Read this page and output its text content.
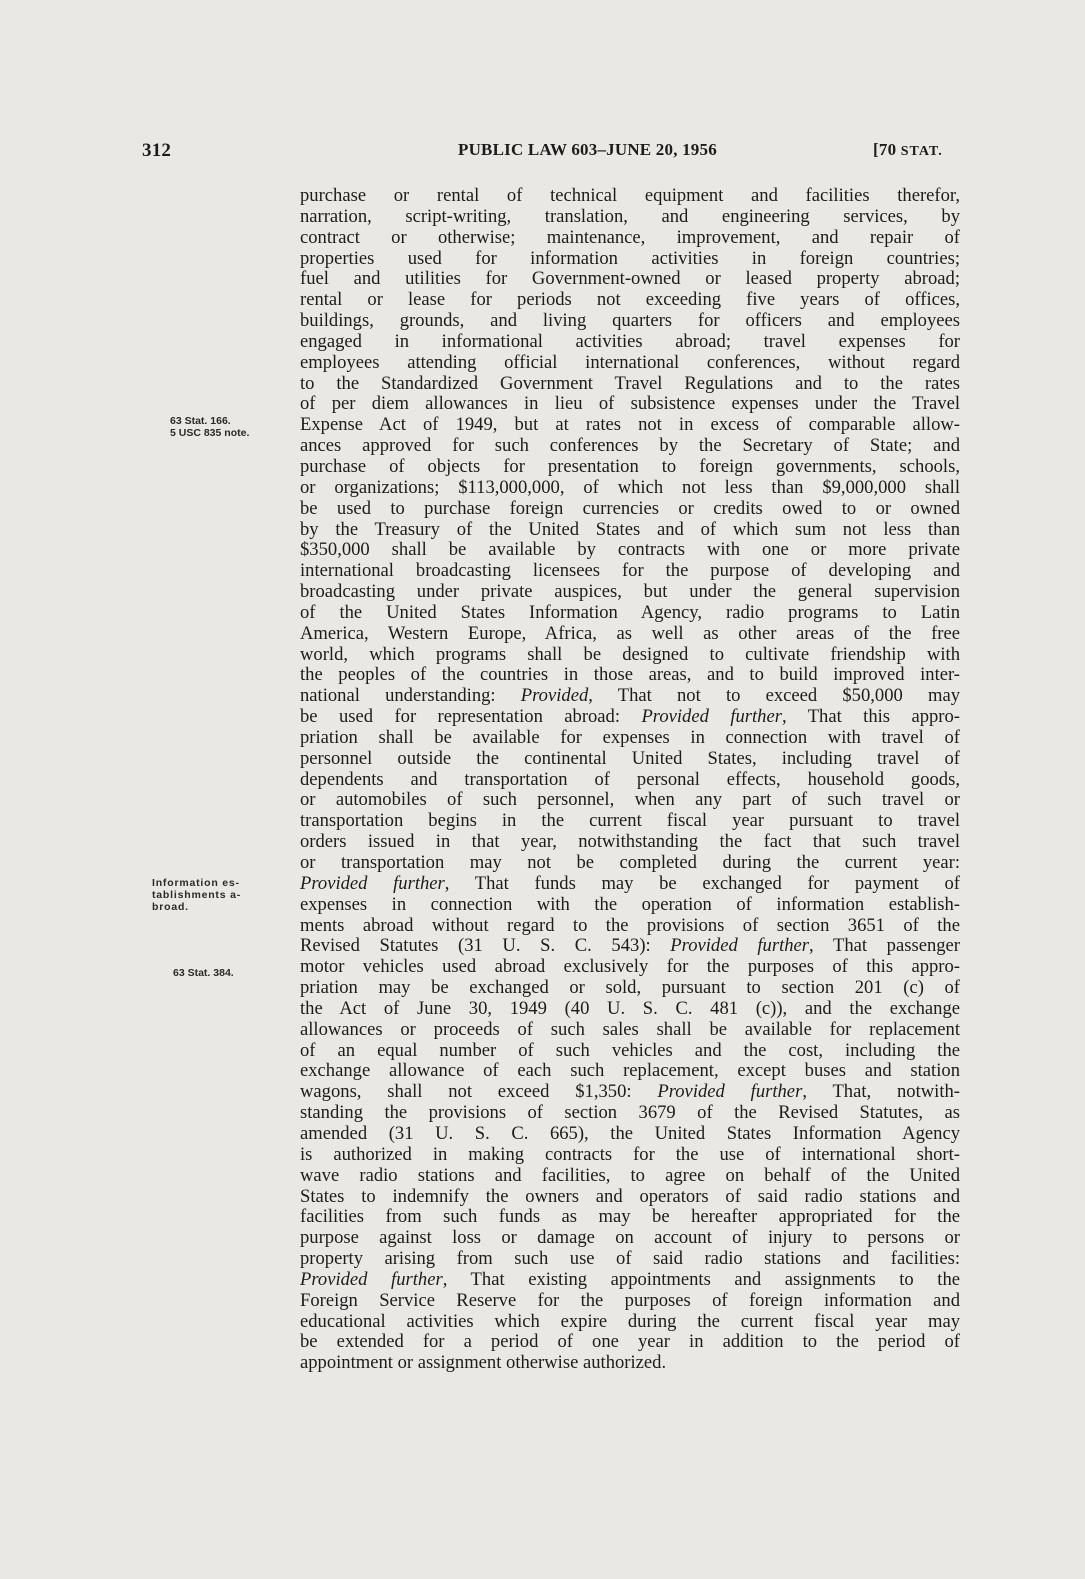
312	PUBLIC LAW 603–JUNE 20, 1956	[70 STAT.
63 Stat. 166.
5 USC 835 note.
Information es-
tablishments a-
broad.
63 Stat. 384.
purchase or rental of technical equipment and facilities therefor,
narration, script-writing, translation, and engineering services, by
contract or otherwise; maintenance, improvement, and repair of
properties used for information activities in foreign countries;
fuel and utilities for Government-owned or leased property abroad;
rental or lease for periods not exceeding five years of offices,
buildings, grounds, and living quarters for officers and employees
engaged in informational activities abroad; travel expenses for
employees attending official international conferences, without regard
to the Standardized Government Travel Regulations and to the rates
of per diem allowances in lieu of subsistence expenses under the Travel
Expense Act of 1949, but at rates not in excess of comparable allow-
ances approved for such conferences by the Secretary of State; and
purchase of objects for presentation to foreign governments, schools,
or organizations; $113,000,000, of which not less than $9,000,000 shall
be used to purchase foreign currencies or credits owed to or owned
by the Treasury of the United States and of which sum not less than
$350,000 shall be available by contracts with one or more private
international broadcasting licensees for the purpose of developing and
broadcasting under private auspices, but under the general supervision
of the United States Information Agency, radio programs to Latin
America, Western Europe, Africa, as well as other areas of the free
world, which programs shall be designed to cultivate friendship with
the peoples of the countries in those areas, and to build improved inter-
national understanding: Provided, That not to exceed $50,000 may
be used for representation abroad: Provided further, That this appro-
priation shall be available for expenses in connection with travel of
personnel outside the continental United States, including travel of
dependents and transportation of personal effects, household goods,
or automobiles of such personnel, when any part of such travel or
transportation begins in the current fiscal year pursuant to travel
orders issued in that year, notwithstanding the fact that such travel
or transportation may not be completed during the current year:
Provided further, That funds may be exchanged for payment of
expenses in connection with the operation of information establish-
ments abroad without regard to the provisions of section 3651 of the
Revised Statutes (31 U. S. C. 543): Provided further, That passenger
motor vehicles used abroad exclusively for the purposes of this appro-
priation may be exchanged or sold, pursuant to section 201 (c) of
the Act of June 30, 1949 (40 U. S. C. 481 (c)), and the exchange
allowances or proceeds of such sales shall be available for replacement
of an equal number of such vehicles and the cost, including the
exchange allowance of each such replacement, except buses and station
wagons, shall not exceed $1,350: Provided further, That, notwith-
standing the provisions of section 3679 of the Revised Statutes, as
amended (31 U. S. C. 665), the United States Information Agency
is authorized in making contracts for the use of international short-
wave radio stations and facilities, to agree on behalf of the United
States to indemnify the owners and operators of said radio stations and
facilities from such funds as may be hereafter appropriated for the
purpose against loss or damage on account of injury to persons or
property arising from such use of said radio stations and facilities:
Provided further, That existing appointments and assignments to the
Foreign Service Reserve for the purposes of foreign information and
educational activities which expire during the current fiscal year may
be extended for a period of one year in addition to the period of
appointment or assignment otherwise authorized.
